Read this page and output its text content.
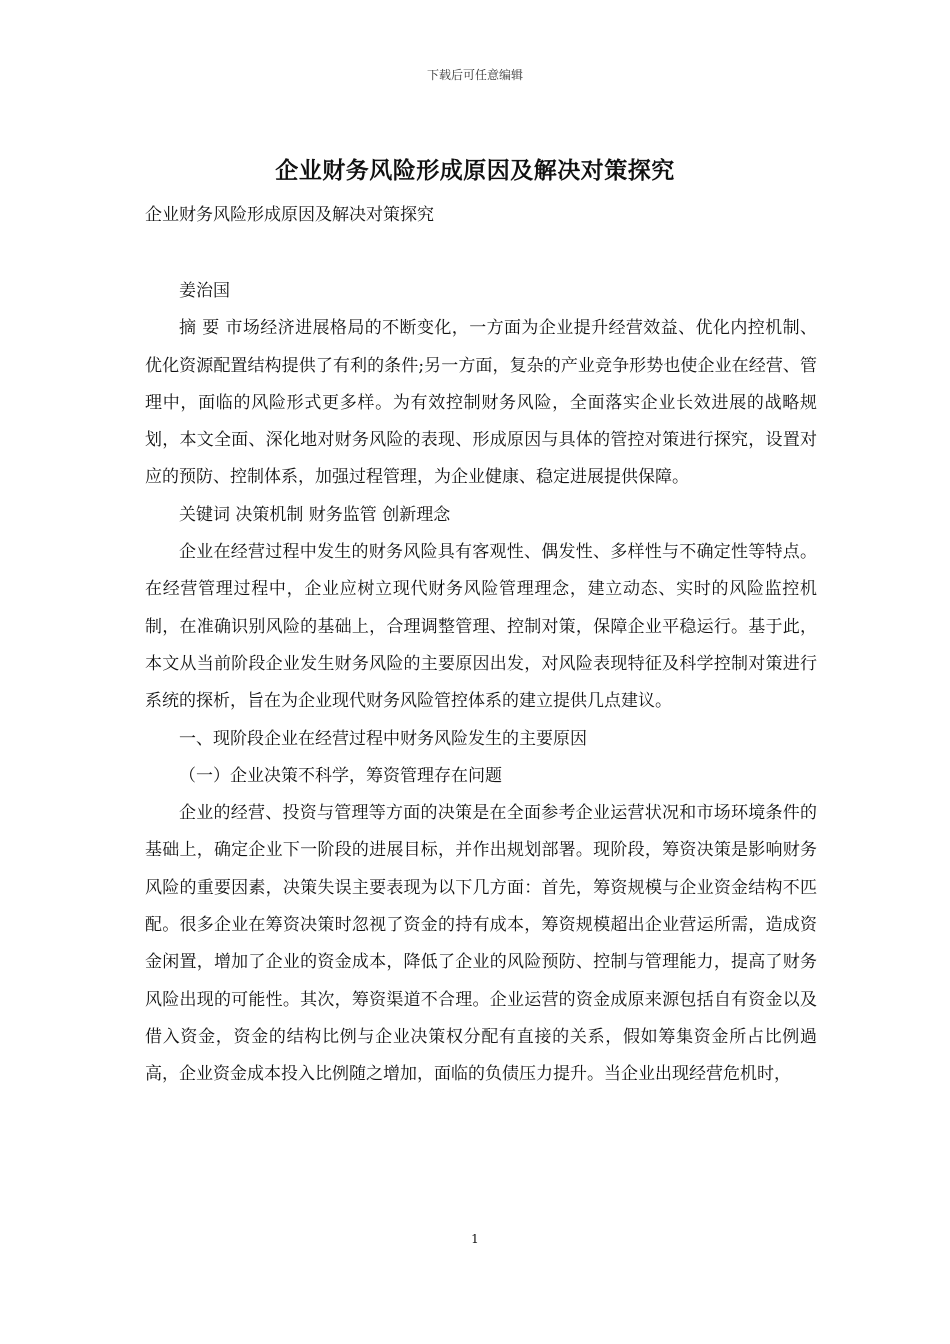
下载后可任意编辑
企业财务风险形成原因及解决对策探究
企业财务风险形成原因及解决对策探究

姜治国

摘 要 市场经济进展格局的不断变化，一方面为企业提升经营效益、优化内控机制、优化资源配置结构提供了有利的条件;另一方面，复杂的产业竞争形势也使企业在经营、管理中，面临的风险形式更多样。为有效控制财务风险，全面落实企业长效进展的战略规划，本文全面、深化地对财务风险的表现、形成原因与具体的管控对策进行探究，设置对应的预防、控制体系，加强过程管理，为企业健康、稳定进展提供保障。

关键词 决策机制 财务监管 创新理念

企业在经营过程中发生的财务风险具有客观性、偶发性、多样性与不确定性等特点。在经营管理过程中，企业应树立现代财务风险管理理念，建立动态、实时的风险监控机制，在准确识别风险的基础上，合理调整管理、控制对策，保障企业平稳运行。基于此，本文从当前阶段企业发生财务风险的主要原因出发，对风险表现特征及科学控制对策进行系统的探析，旨在为企业现代财务风险管控体系的建立提供几点建议。

一、现阶段企业在经营过程中财务风险发生的主要原因

（一）企业决策不科学，筹资管理存在问题

企业的经营、投资与管理等方面的决策是在全面参考企业运营状况和市场环境条件的基础上，确定企业下一阶段的进展目标，并作出规划部署。现阶段，筹资决策是影响财务风险的重要因素，决策失误主要表现为以下几方面：首先，筹资规模与企业资金结构不匹配。很多企业在筹资决策时忽视了资金的持有成本，筹资规模超出企业营运所需，造成资金闲置，增加了企业的资金成本，降低了企业的风险预防、控制与管理能力，提高了财务风险出现的可能性。其次，筹资渠道不合理。企业运营的资金成原来源包括自有资金以及借入资金，资金的结构比例与企业决策权分配有直接的关系，假如筹集资金所占比例過高，企业资金成本投入比例随之增加，面临的负债压力提升。当企业出现经营危机时，

1
